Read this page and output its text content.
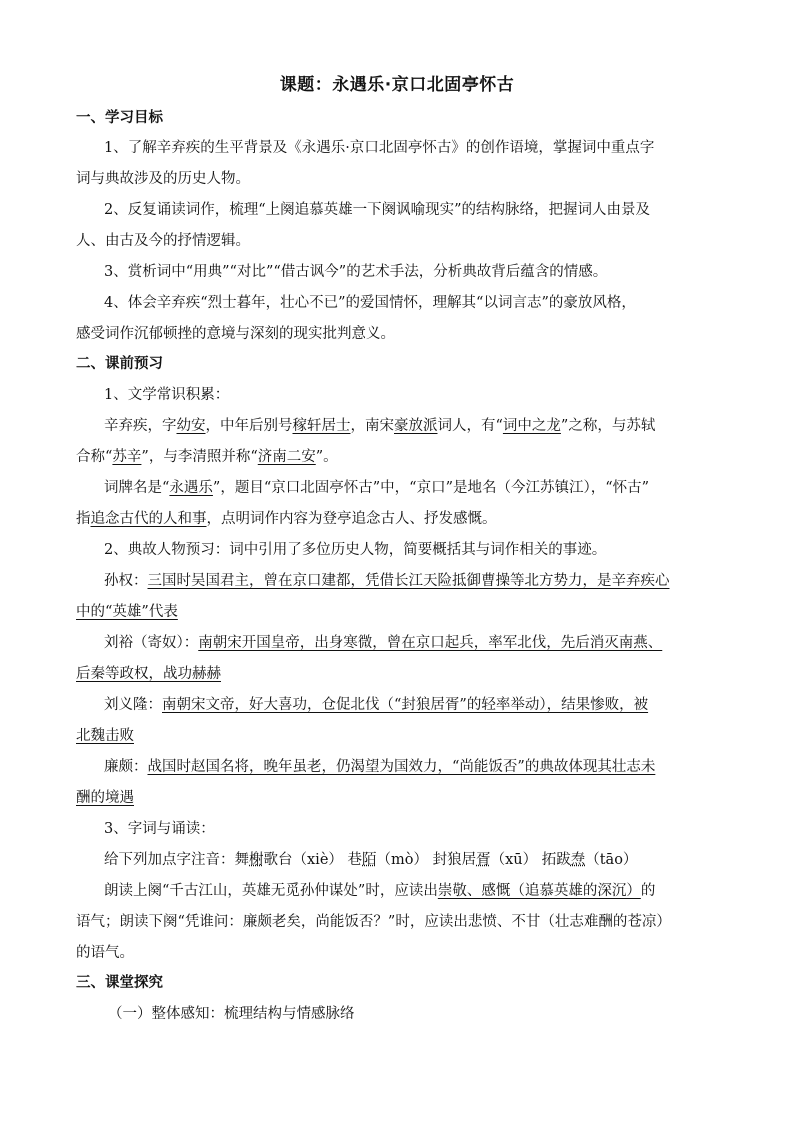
课题：永遇乐·京口北固亭怀古
一、学习目标
1、了解辛弃疾的生平背景及《永遇乐·京口北固亭怀古》的创作语境，掌握词中重点字
词与典故涉及的历史人物。
2、反复诵读词作，梳理“上阕追慕英雄一下阕讽喻现实”的结构脉络，把握词人由景及
人、由古及今的抒情逻辑。
3、赏析词中“用典”“对比”“借古讽今”的艺术手法，分析典故背后蕴含的情感。
4、体会辛弃疾“烈士暮年，壮心不已”的爱国情怀，理解其“以词言志”的豪放风格，
感受词作沉郁顿挫的意境与深刻的现实批判意义。
二、课前预习
1、文学常识积累：
辛弃疾，字幼安，中年后别号稼轩居士，南宋豪放派词人，有“词中之龙”之称，与苏轼
合称“苏辛”，与李清照并称“济南二安”。
词牌名是“永遇乐”，题目“京口北固亭怀古”中，“京口”是地名（今江苏镇江），“怀古”
指追念古代的人和事，点明词作内容为登亭追念古人、抒发感慨。
2、典故人物预习：词中引用了多位历史人物，简要概括其与词作相关的事迹。
孙权：三国时吴国君主，曾在京口建都，凭借长江天险抵御曹操等北方势力，是辛弃疾心
中的“英雄”代表
刘裕（寄奴）：南朝宋开国皇帝，出身寒微，曾在京口起兵，率军北伐，先后消灭南燕、
后秦等政权，战功赫赫
刘义隆：南朝宋文帝，好大喜功，仓促北伐（“封狼居胥”的轻率举动），结果惨败，被
北魏击败
廉颇：战国时赵国名将，晚年虽老，仍渴望为国效力，“尚能饭否”的典故体现其壮志未
酬的境遇
3、字词与诵读：
给下列加点字注音：舞榭歌台（xiè） 巷陌（mò） 封狼居胥（xū） 拓跋焘（tāo）
朗读上阕“千古江山，英雄无觅孙仲谋处”时，应读出崇敬、感慨（追慕英雄的深沉）的
语气；朗读下阕“凭谁问：廉颇老矣，尚能饭否？”时，应读出悲愤、不甘（壮志难酬的苍凉）
的语气。
三、课堂探究
（一）整体感知：梳理结构与情感脉络
